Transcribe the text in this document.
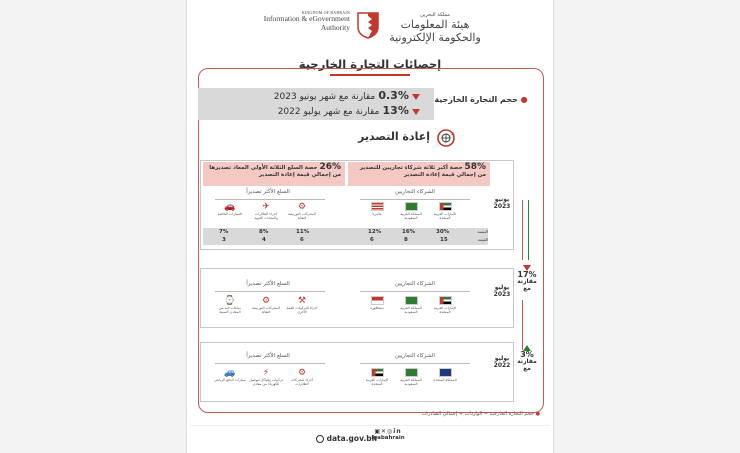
KINGDOM OF BAHRAIN
Information & eGovernment
Authority
مملكة البحرين
هيئة المعلومات والحكومة الإلكترونية
إحصائات التجارة الخارجية
حجم التجارة الخارجية ●
0.3% مقارنة مع شهر يونيو 2023
13% مقارنة مع شهر يوليو 2022
إعادة التصدير
58% حصة أكبر ثلاثة شركاء تجاريين للتصدير من إجمالي قيمة إعادة التصدير
26% حصة السلع الثلاثة الأولى المعاد تصديرها من إجمالي قيمة إعادة التصدير
يونيو
2023
الشركاء التجاريين
السلع الأكثر تصديراً
الإمارات العربية المتحدة
المملكة العربية السعودية
ماليزيا
⚙
المحركات التوربينية النفاثة
✈
أجزاء الطائرات والمعدات الجوية
🚗
السيارات الخاصة
النسبة
القيمة
30%
16%
12%
15
8
6
11%
8%
7%
6
4
3
17%
مقارنة مع
يوليو
2023
الشركاء التجاريين
السلع الأكثر تصديراً
الإمارات العربية المتحدة
المملكة العربية السعودية
سنغافورة
⚒
أجزاء للتركيبات الفنية الأخرى
⚙
المحركات التوربينية النفاثة
⌚
ساعات اليد من المعادن الثمينة
3%
مقارنة مع
يوليو
2022
الشركاء التجاريين
السلع الأكثر تصديراً
المملكة المتحدة
المملكة العربية السعودية
الإمارات العربية المتحدة
⚙
أجزاء لمحركات الطائرات
⚡
تركيبات وهياكل لتوصيل الكهرباء من معادن
🚙
سيارات الدفع الرباعي
● حجم التجارة الخارجية = الواردات + إجمالي الصادرات
data.gov.bh
▣✕◎in
igabahrain
